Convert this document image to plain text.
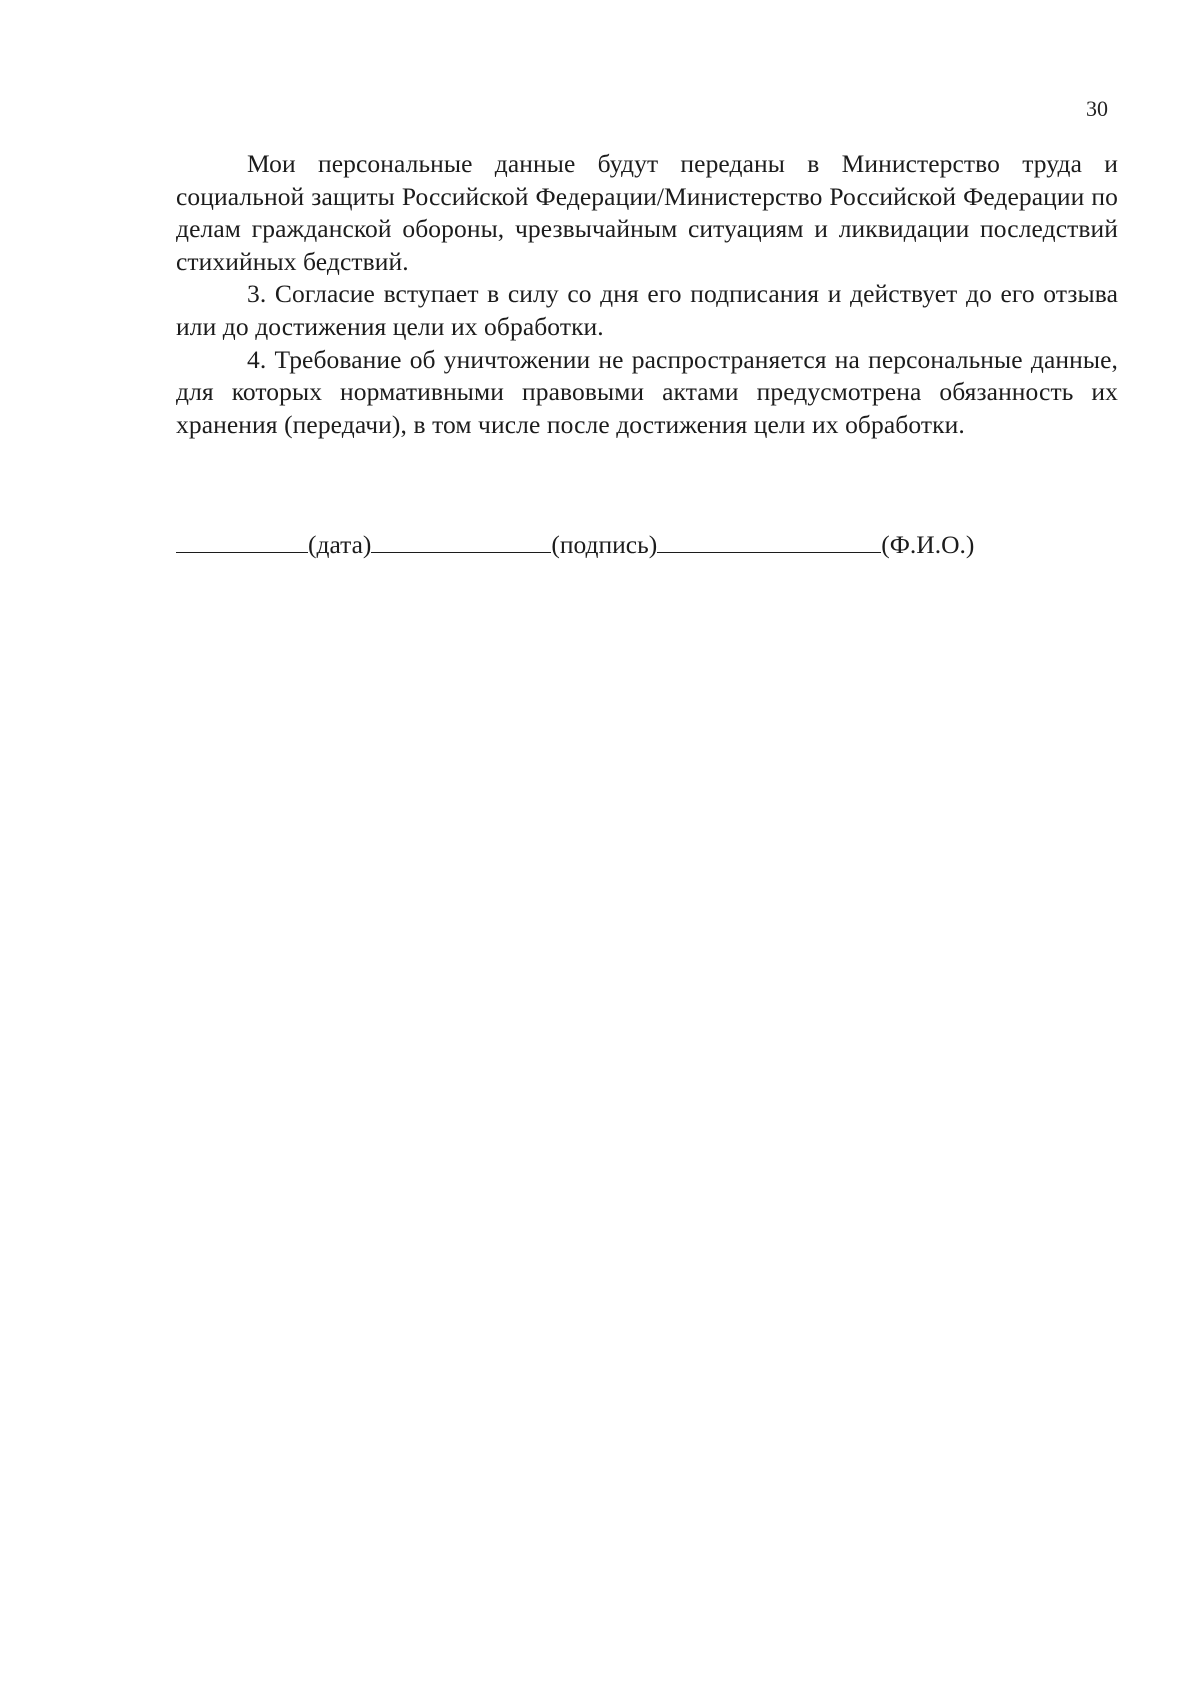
30

Мои персональные данные будут переданы в Министерство труда и социальной защиты Российской Федерации/Министерство Российской Федерации по делам гражданской обороны, чрезвычайным ситуациям и ликвидации последствий стихийных бедствий.

3. Согласие вступает в силу со дня его подписания и действует до его отзыва или до достижения цели их обработки.

4. Требование об уничтожении не распространяется на персональные данные, для которых нормативными правовыми актами предусмотрена обязанность их хранения (передачи), в том числе после достижения цели их обработки.

(дата)	(подпись)	(Ф.И.О.)
